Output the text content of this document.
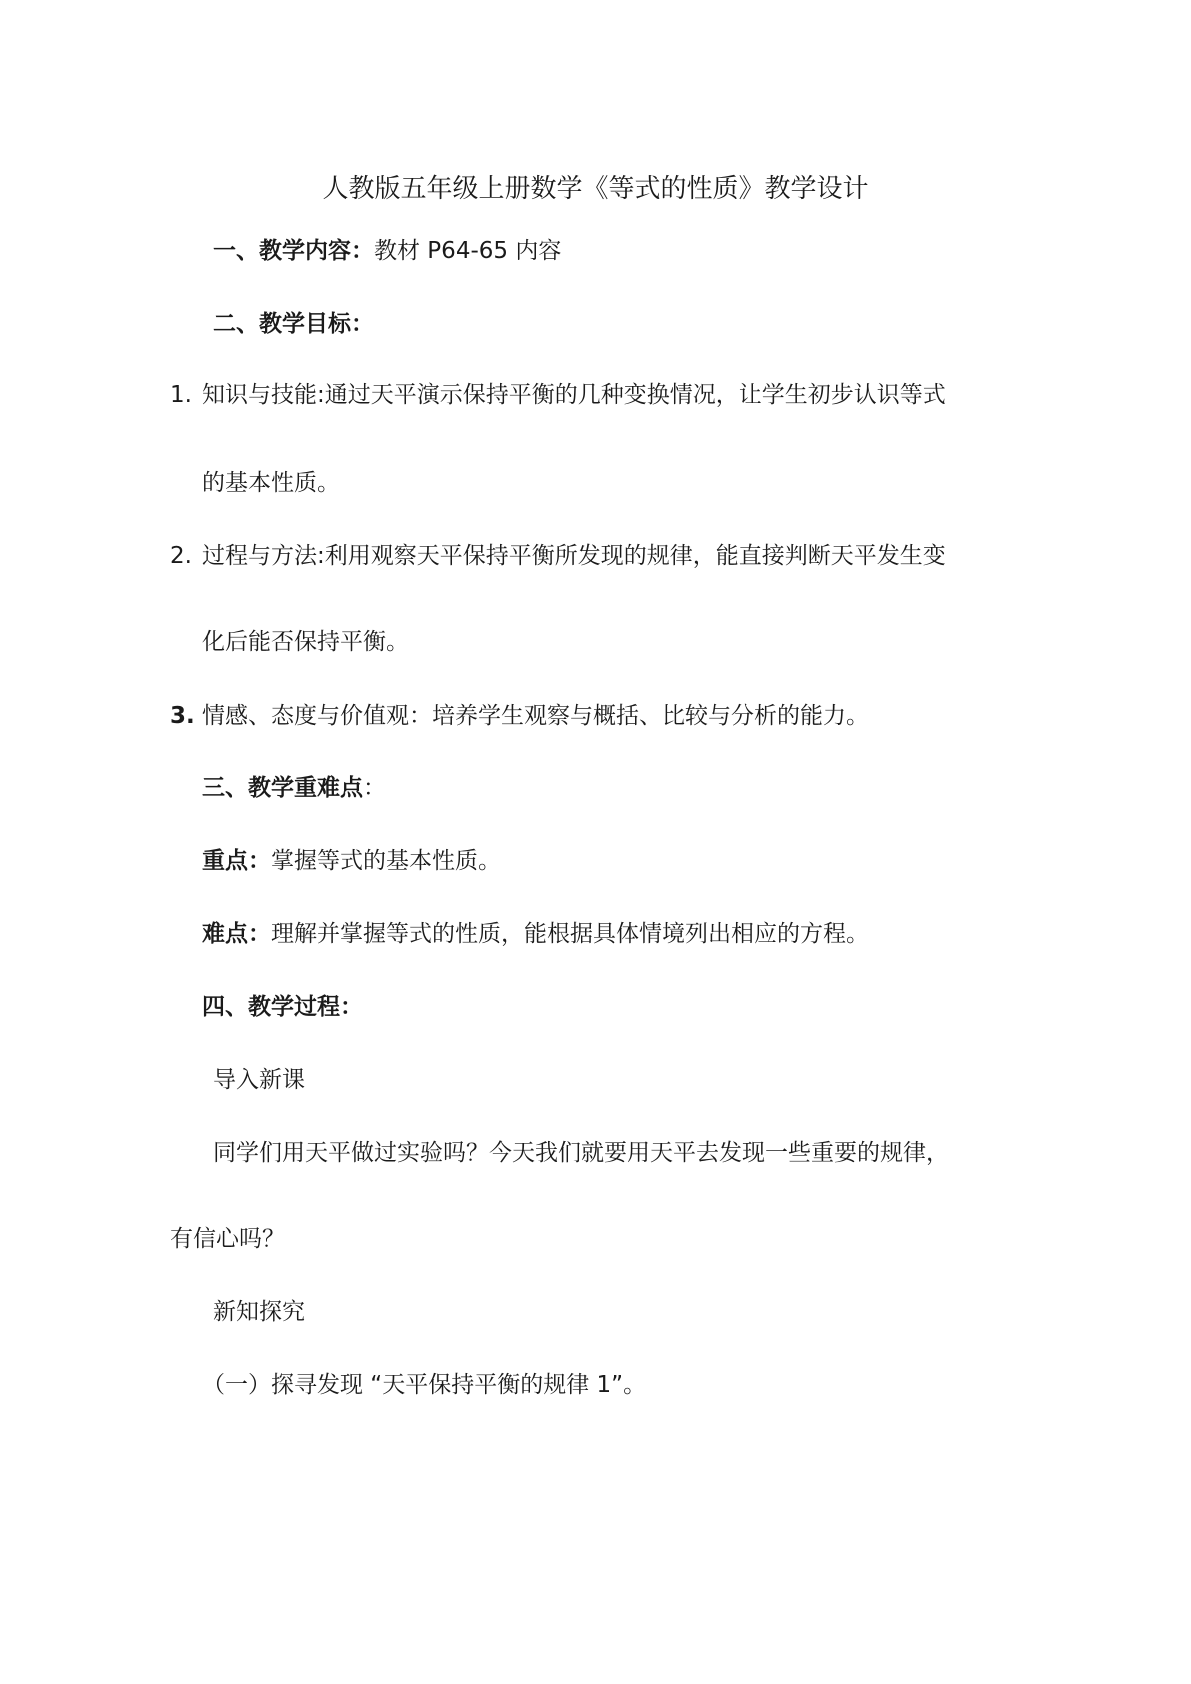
人教版五年级上册数学《等式的性质》教学设计
一、教学内容：教材 P64-65 内容
二、教学目标：
1. 知识与技能:通过天平演示保持平衡的几种变换情况，让学生初步认识等式
的基本性质。
2. 过程与方法:利用观察天平保持平衡所发现的规律，能直接判断天平发生变
化后能否保持平衡。
3. 情感、态度与价值观：培养学生观察与概括、比较与分析的能力。
三、教学重难点：
重点：掌握等式的基本性质。
难点：理解并掌握等式的性质，能根据具体情境列出相应的方程。
四、教学过程：
导入新课
同学们用天平做过实验吗？今天我们就要用天平去发现一些重要的规律，
有信心吗？
新知探究
（一）探寻发现 “天平保持平衡的规律 1”。
